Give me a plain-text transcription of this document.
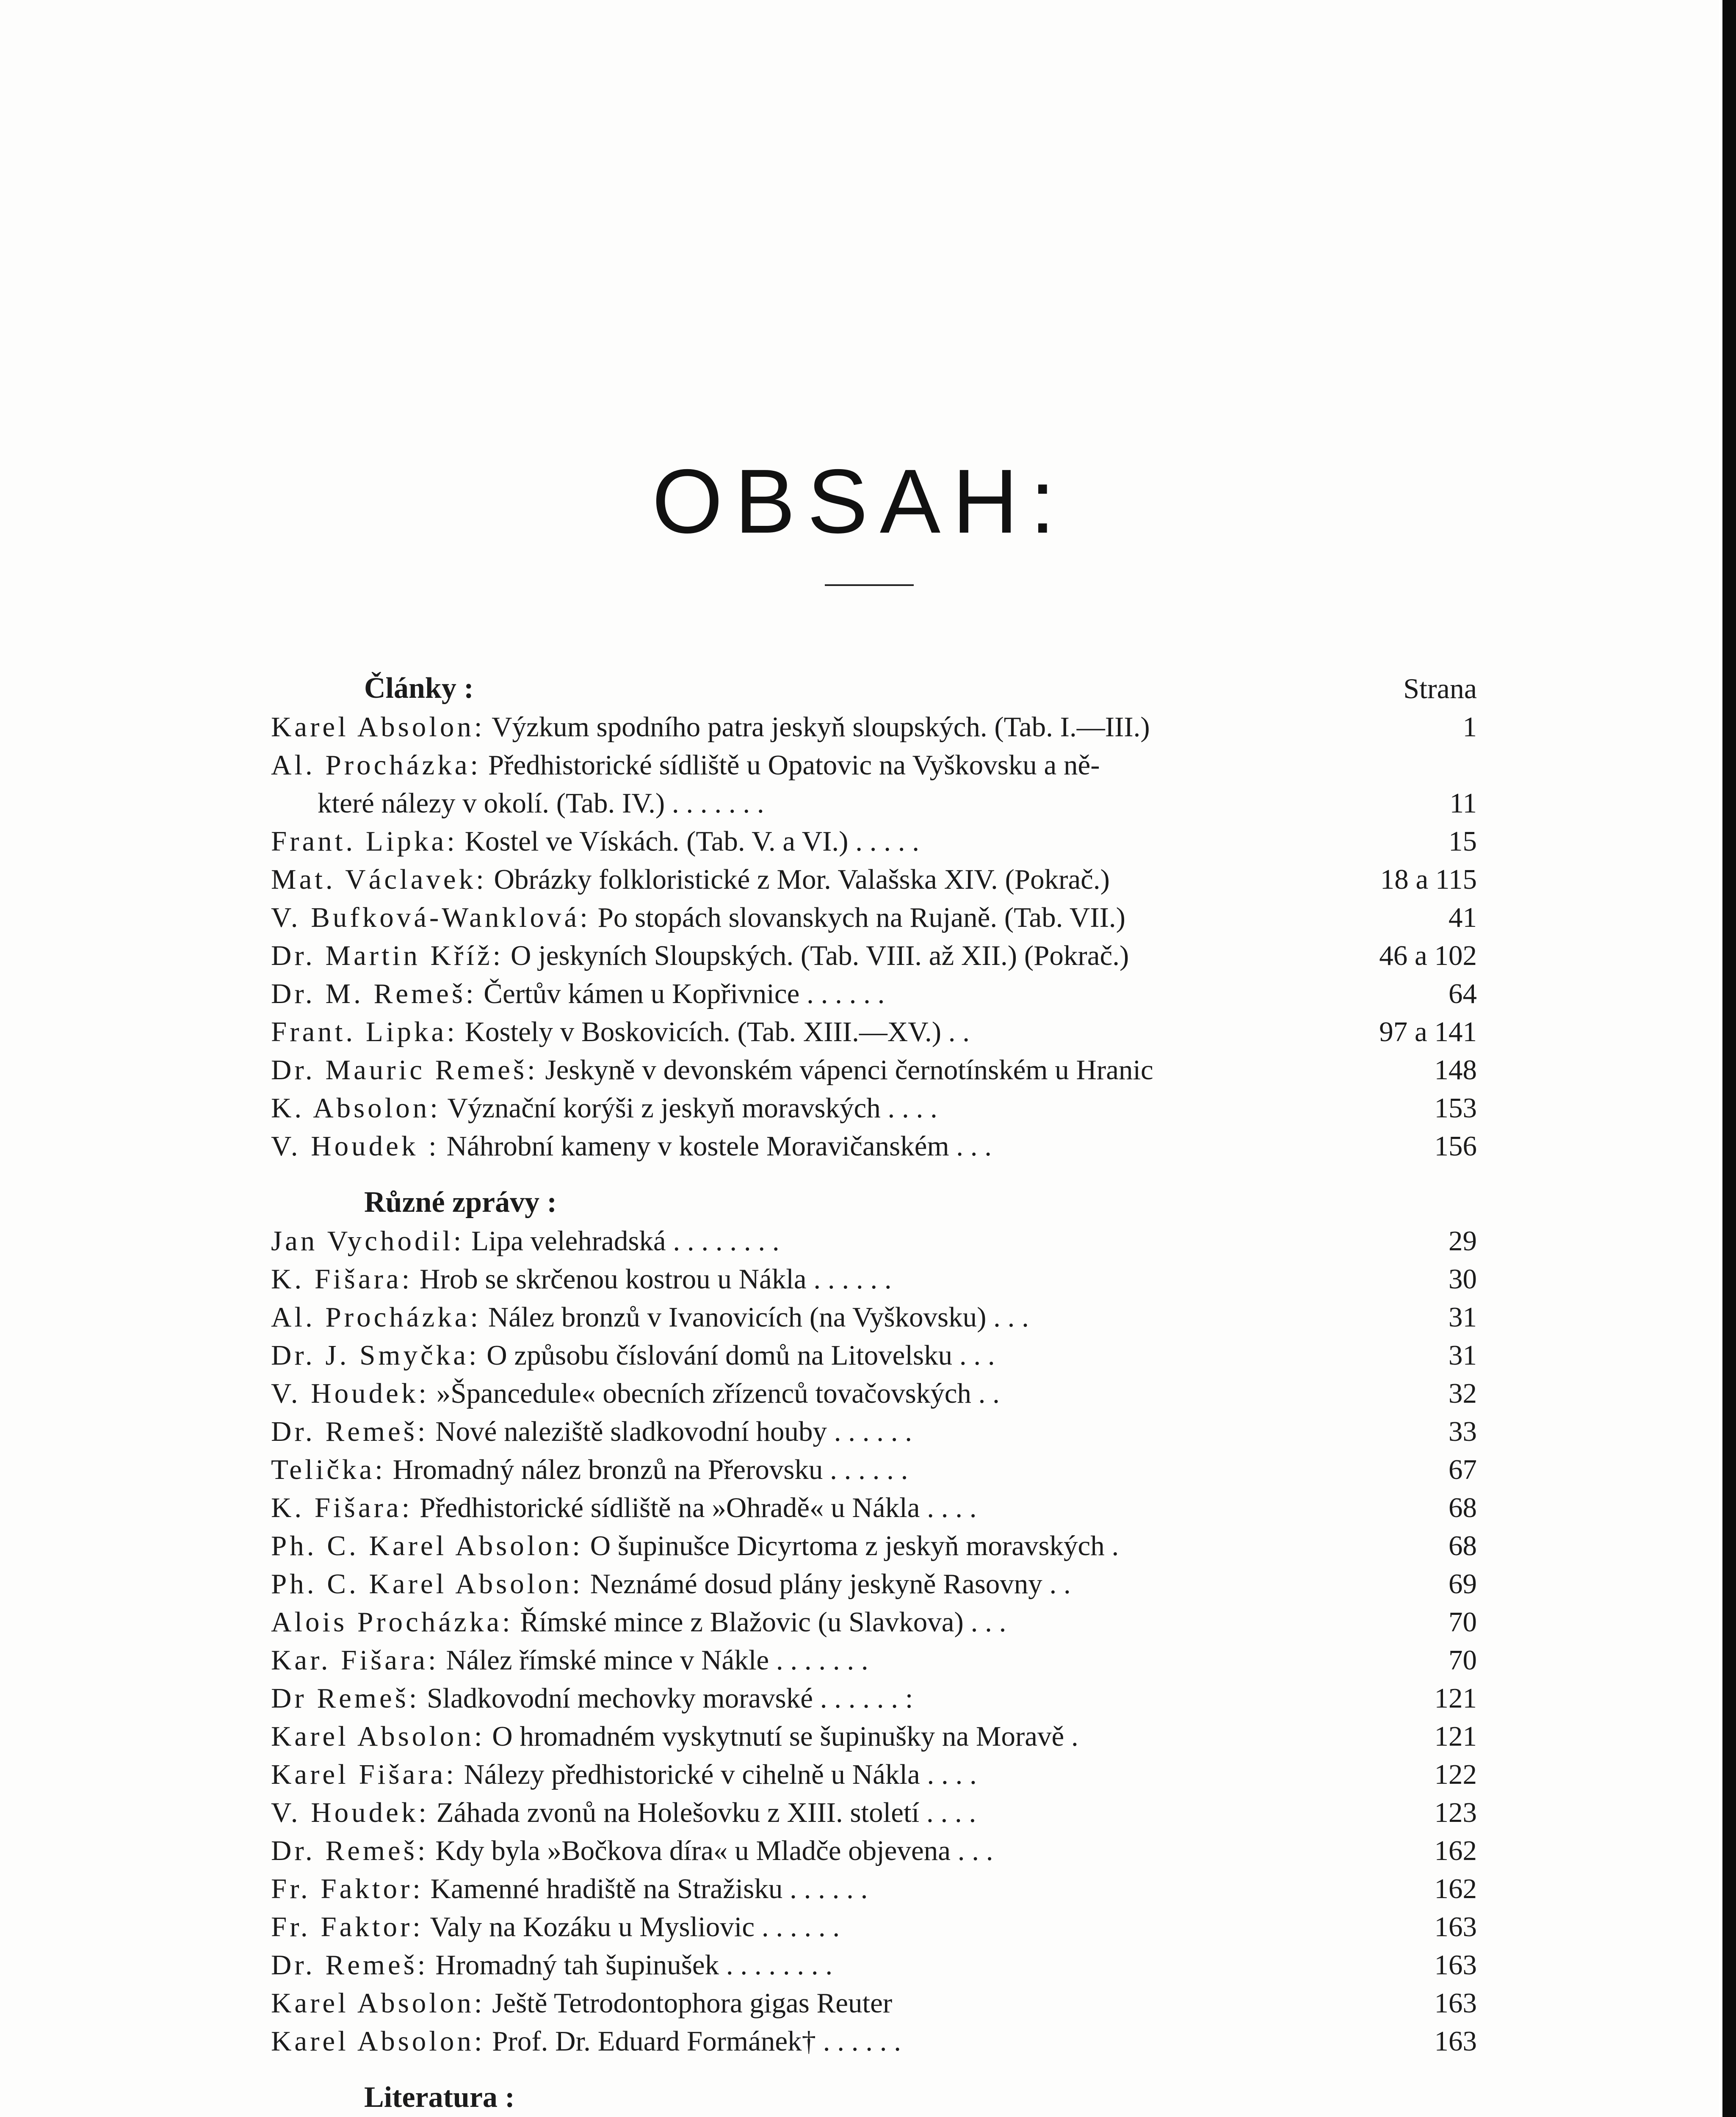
OBSAH:
Články :	Strana
Karel Absolon: Výzkum spodního patra jeskyň sloupských. (Tab. I.—III.)	1
Al. Procházka: Předhistorické sídliště u Opatovic na Vyškovsku a ně-
které nálezy v okolí. (Tab. IV.) . . . . . . .	11
Frant. Lipka: Kostel ve Vískách. (Tab. V. a VI.) . . . . .	15
Mat. Václavek: Obrázky folkloristické z Mor. Valašska XIV. (Pokrač.)	18 a 115
V. Bufková-Wanklová: Po stopách slovanskych na Rujaně. (Tab. VII.)	41
Dr. Martin Kříž: O jeskyních Sloupských. (Tab. VIII. až XII.) (Pokrač.)	46 a 102
Dr. M. Remeš: Čertův kámen u Kopřivnice . . . . . .	64
Frant. Lipka: Kostely v Boskovicích. (Tab. XIII.—XV.) . .	97 a 141
Dr. Mauric Remeš: Jeskyně v devonském vápenci černotínském u Hranic	148
K. Absolon: Význační korýši z jeskyň moravských . . . .	153
V. Houdek : Náhrobní kameny v kostele Moravičanském . . .	156
Různé zprávy :
Jan Vychodil: Lipa velehradská . . . . . . . .	29
K. Fišara: Hrob se skrčenou kostrou u Nákla . . . . . .	30
Al. Procházka: Nález bronzů v Ivanovicích (na Vyškovsku) . . .	31
Dr. J. Smyčka: O způsobu číslování domů na Litovelsku . . .	31
V. Houdek: »Špancedule« obecních zřízenců tovačovských . .	32
Dr. Remeš: Nové naleziště sladkovodní houby . . . . . .	33
Telička: Hromadný nález bronzů na Přerovsku . . . . . .	67
K. Fišara: Předhistorické sídliště na »Ohradě« u Nákla . . . .	68
Ph. C. Karel Absolon: O šupinušce Dicyrtoma z jeskyň moravských .	68
Ph. C. Karel Absolon: Neznámé dosud plány jeskyně Rasovny . .	69
Alois Procházka: Římské mince z Blažovic (u Slavkova) . . .	70
Kar. Fišara: Nález římské mince v Nákle . . . . . . .	70
Dr Remeš: Sladkovodní mechovky moravské . . . . . . :	121
Karel Absolon: O hromadném vyskytnutí se šupinušky na Moravě .	121
Karel Fišara: Nálezy předhistorické v cihelně u Nákla . . . .	122
V. Houdek: Záhada zvonů na Holešovku z XIII. století . . . .	123
Dr. Remeš: Kdy byla »Bočkova díra« u Mladče objevena . . .	162
Fr. Faktor: Kamenné hradiště na Stražisku . . . . . .	162
Fr. Faktor: Valy na Kozáku u Mysliovic . . . . . .	163
Dr. Remeš: Hromadný tah šupinušek . . . . . . . .	163
Karel Absolon: Ještě Tetrodontophora gigas Reuter	163
Karel Absolon: Prof. Dr. Eduard Formánek† . . . . . .	163
Literatura :
